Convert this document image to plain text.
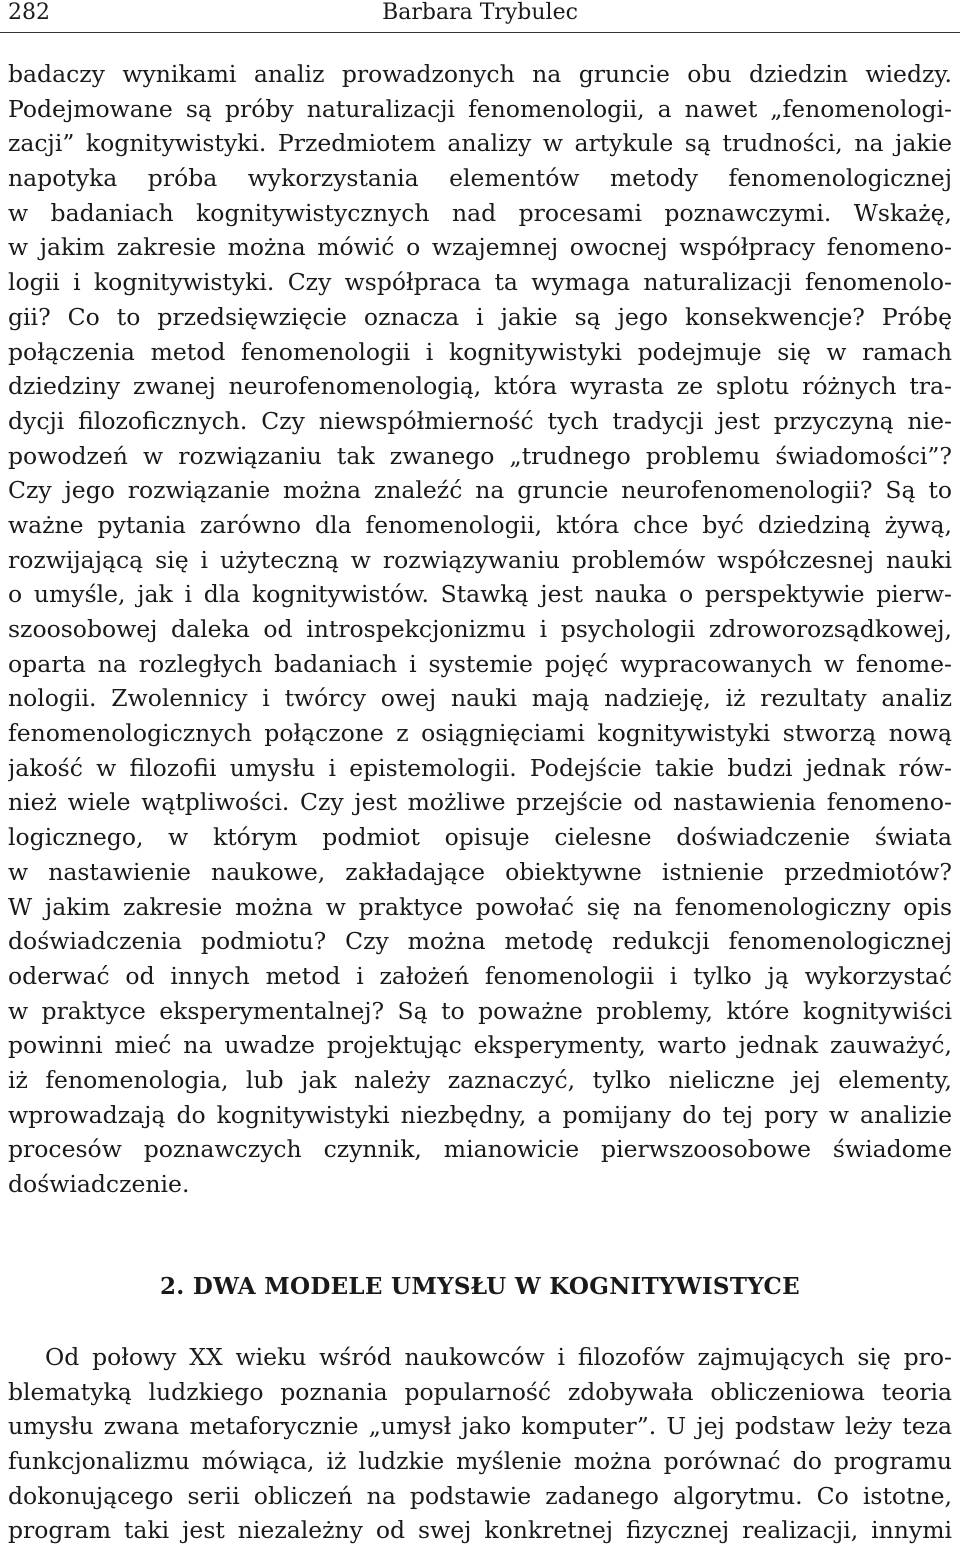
282	Barbara Trybulec
badaczy wynikami analiz prowadzonych na gruncie obu dziedzin wiedzy.
Podejmowane są próby naturalizacji fenomenologii, a nawet „fenomenologi-
zacji” kognitywistyki. Przedmiotem analizy w artykule są trudności, na jakie
napotyka próba wykorzystania elementów metody fenomenologicznej
w badaniach kognitywistycznych nad procesami poznawczymi. Wskażę,
w jakim zakresie można mówić o wzajemnej owocnej współpracy fenomeno-
logii i kognitywistyki. Czy współpraca ta wymaga naturalizacji fenomenolo-
gii? Co to przedsięwzięcie oznacza i jakie są jego konsekwencje? Próbę
połączenia metod fenomenologii i kognitywistyki podejmuje się w ramach
dziedziny zwanej neurofenomenologią, która wyrasta ze splotu różnych tra-
dycji filozoficznych. Czy niewspółmierność tych tradycji jest przyczyną nie-
powodzeń w rozwiązaniu tak zwanego „trudnego problemu świadomości”?
Czy jego rozwiązanie można znaleźć na gruncie neurofenomenologii? Są to
ważne pytania zarówno dla fenomenologii, która chce być dziedziną żywą,
rozwijającą się i użyteczną w rozwiązywaniu problemów współczesnej nauki
o umyśle, jak i dla kognitywistów. Stawką jest nauka o perspektywie pierw-
szoosobowej daleka od introspekcjonizmu i psychologii zdroworozsądkowej,
oparta na rozległych badaniach i systemie pojęć wypracowanych w fenome-
nologii. Zwolennicy i twórcy owej nauki mają nadzieję, iż rezultaty analiz
fenomenologicznych połączone z osiągnięciami kognitywistyki stworzą nową
jakość w filozofii umysłu i epistemologii. Podejście takie budzi jednak rów-
nież wiele wątpliwości. Czy jest możliwe przejście od nastawienia fenomeno-
logicznego, w którym podmiot opisuje cielesne doświadczenie świata
w nastawienie naukowe, zakładające obiektywne istnienie przedmiotów?
W jakim zakresie można w praktyce powołać się na fenomenologiczny opis
doświadczenia podmiotu? Czy można metodę redukcji fenomenologicznej
oderwać od innych metod i założeń fenomenologii i tylko ją wykorzystać
w praktyce eksperymentalnej? Są to poważne problemy, które kognitywiści
powinni mieć na uwadze projektując eksperymenty, warto jednak zauważyć,
iż fenomenologia, lub jak należy zaznaczyć, tylko nieliczne jej elementy,
wprowadzają do kognitywistyki niezbędny, a pomijany do tej pory w analizie
procesów poznawczych czynnik, mianowicie pierwszoosobowe świadome
doświadczenie.
2. DWA MODELE UMYSŁU W KOGNITYWISTYCE
Od połowy XX wieku wśród naukowców i filozofów zajmujących się pro-
blematyką ludzkiego poznania popularność zdobywała obliczeniowa teoria
umysłu zwana metaforycznie „umysł jako komputer”. U jej podstaw leży teza
funkcjonalizmu mówiąca, iż ludzkie myślenie można porównać do programu
dokonującego serii obliczeń na podstawie zadanego algorytmu. Co istotne,
program taki jest niezależny od swej konkretnej fizycznej realizacji, innymi
